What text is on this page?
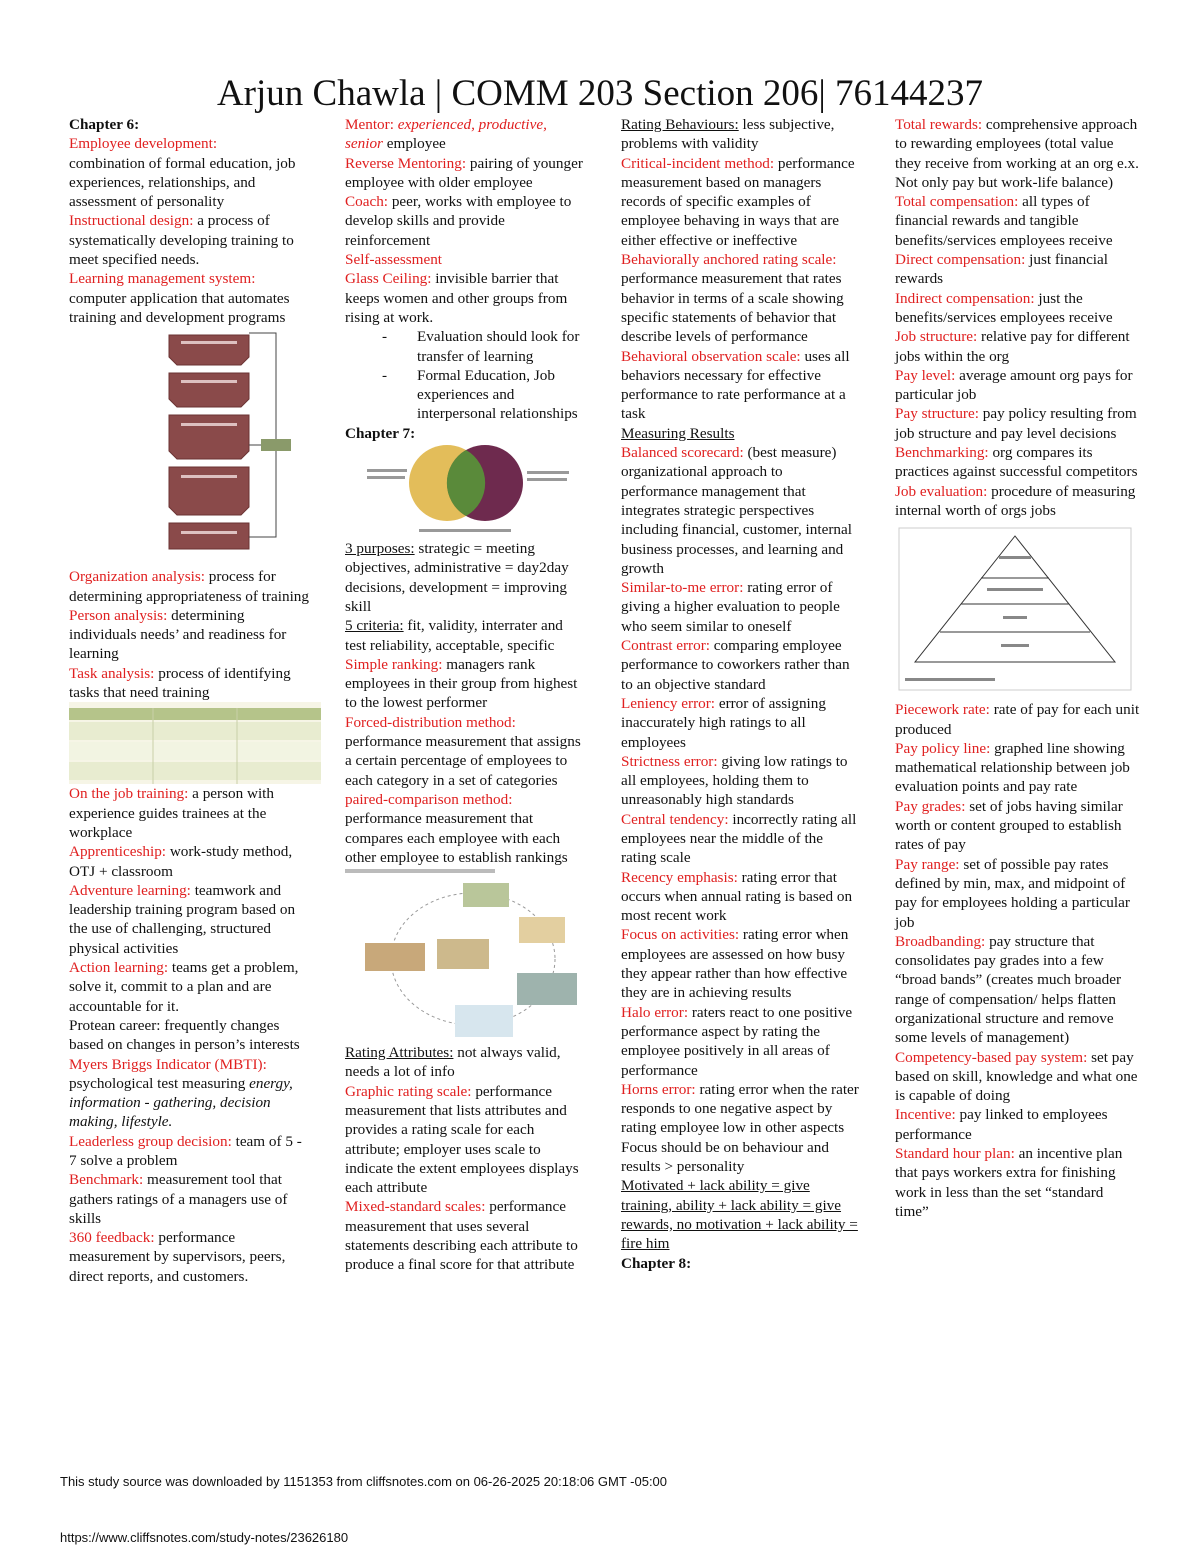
Arjun Chawla | COMM 203 Section 206| 76144237

Chapter 6:

Employee development:
combination of formal education, job experiences, relationships, and assessment of personality

Instructional design: a process of systematically developing training to meet specified needs.

Learning management system: computer application that automates training and development programs

Organization analysis: process for determining appropriateness of training

Person analysis: determining individuals needs’ and readiness for learning

Task analysis: process of identifying tasks that need training

On the job training: a person with experience guides trainees at the workplace

Apprenticeship: work-study method, OTJ + classroom

Adventure learning: teamwork and leadership training program based on the use of challenging, structured physical activities

Action learning: teams get a problem, solve it, commit to a plan and are accountable for it.

Protean career: frequently changes based on changes in person’s interests

Myers Briggs Indicator (MBTI): psychological test measuring energy, information - gathering, decision making, lifestyle.

Leaderless group decision: team of 5 - 7 solve a problem

Benchmark: measurement tool that gathers ratings of a managers use of skills

360 feedback: performance measurement by supervisors, peers, direct reports, and customers.

Mentor: experienced, productive, senior employee

Reverse Mentoring: pairing of younger employee with older employee

Coach: peer, works with employee to develop skills and provide reinforcement

Self-assessment

Glass Ceiling: invisible barrier that keeps women and other groups from rising at work.

- Evaluation should look for transfer of learning

- Formal Education, Job experiences and interpersonal relationships

Chapter 7:

3 purposes: strategic = meeting objectives, administrative = day2day decisions, development = improving skill

5 criteria: fit, validity, interrater and test reliability, acceptable, specific

Simple ranking: managers rank employees in their group from highest to the lowest performer

Forced-distribution method: performance measurement that assigns a certain percentage of employees to each category in a set of categories

paired-comparison method: performance measurement that compares each employee with each other employee to establish rankings

Rating Attributes: not always valid, needs a lot of info

Graphic rating scale: performance measurement that lists attributes and provides a rating scale for each attribute; employer uses scale to indicate the extent employees displays each attribute

Mixed-standard scales: performance measurement that uses several statements describing each attribute to produce a final score for that attribute

Rating Behaviours: less subjective, problems with validity

Critical-incident method: performance measurement based on managers records of specific examples of employee behaving in ways that are either effective or ineffective

Behaviorally anchored rating scale: performance measurement that rates behavior in terms of a scale showing specific statements of behavior that describe levels of performance

Behavioral observation scale: uses all behaviors necessary for effective performance to rate performance at a task

Measuring Results

Balanced scorecard: (best measure) organizational approach to performance management that integrates strategic perspectives including financial, customer, internal business processes, and learning and growth

Similar-to-me error: rating error of giving a higher evaluation to people who seem similar to oneself

Contrast error: comparing employee performance to coworkers rather than to an objective standard

Leniency error: error of assigning inaccurately high ratings to all employees

Strictness error: giving low ratings to all employees, holding them to unreasonably high standards

Central tendency: incorrectly rating all employees near the middle of the rating scale

Recency emphasis: rating error that occurs when annual rating is based on most recent work

Focus on activities: rating error when employees are assessed on how busy they appear rather than how effective they are in achieving results

Halo error: raters react to one positive performance aspect by rating the employee positively in all areas of performance

Horns error: rating error when the rater responds to one negative aspect by rating employee low in other aspects

Focus should be on behaviour and results > personality

Motivated + lack ability = give training, ability + lack ability = give rewards, no motivation + lack ability = fire him

Chapter 8:

Total rewards: comprehensive approach to rewarding employees (total value they receive from working at an org e.x. Not only pay but work-life balance)

Total compensation: all types of financial rewards and tangible benefits/services employees receive

Direct compensation: just financial rewards

Indirect compensation: just the benefits/services employees receive

Job structure: relative pay for different jobs within the org

Pay level: average amount org pays for particular job

Pay structure: pay policy resulting from job structure and pay level decisions

Benchmarking: org compares its practices against successful competitors

Job evaluation: procedure of measuring internal worth of orgs jobs

Piecework rate: rate of pay for each unit produced

Pay policy line: graphed line showing mathematical relationship between job evaluation points and pay rate

Pay grades: set of jobs having similar worth or content grouped to establish rates of pay

Pay range: set of possible pay rates defined by min, max, and midpoint of pay for employees holding a particular job

Broadbanding: pay structure that consolidates pay grades into a few “broad bands” (creates much broader range of compensation/ helps flatten organizational structure and remove some levels of management)

Competency-based pay system: set pay based on skill, knowledge and what one is capable of doing

Incentive: pay linked to employees performance

Standard hour plan: an incentive plan that pays workers extra for finishing work in less than the set “standard time”

This study source was downloaded by 1151353 from cliffsnotes.com on 06-26-2025 20:18:06 GMT -05:00
https://www.cliffsnotes.com/study-notes/23626180
